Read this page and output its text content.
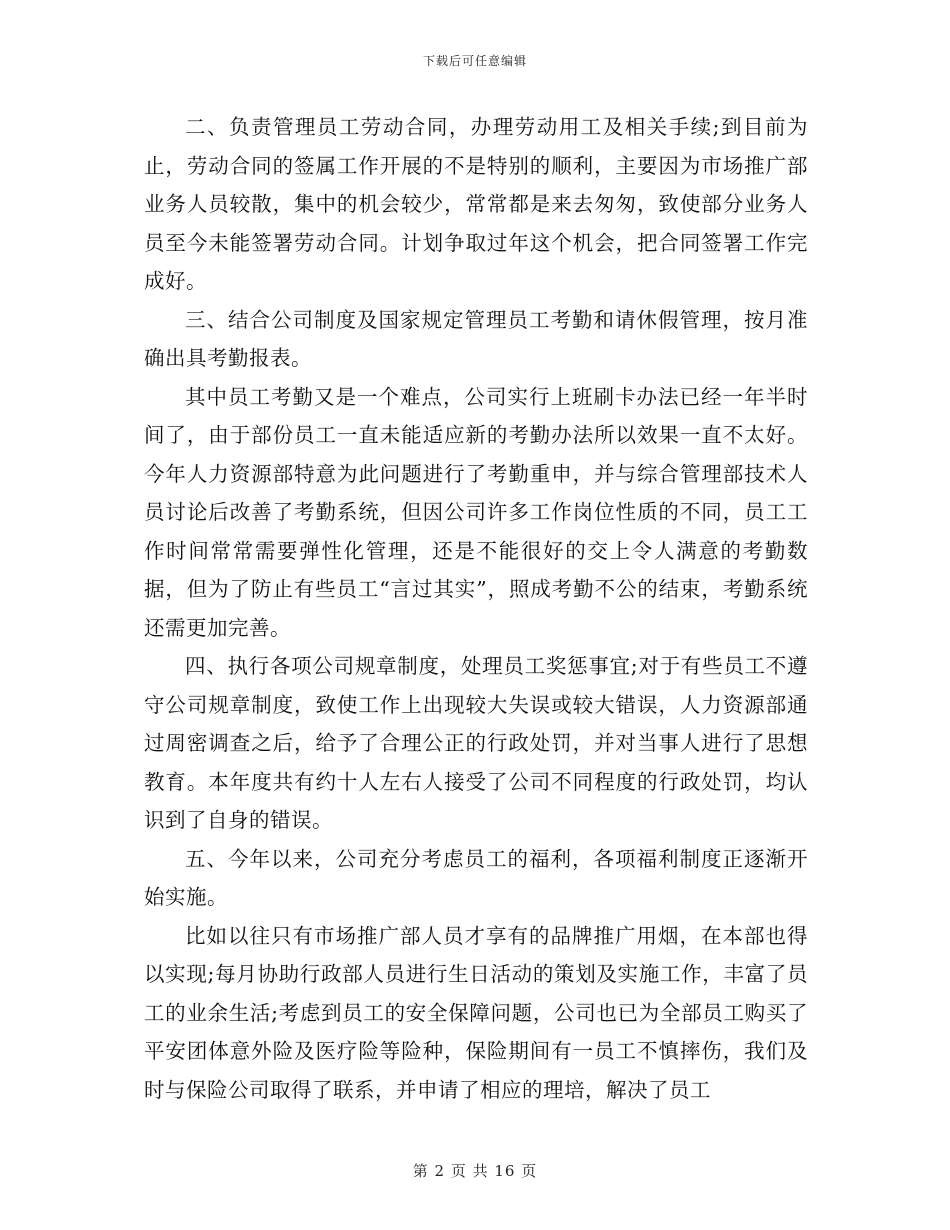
下载后可任意编辑

二、负责管理员工劳动合同，办理劳动用工及相关手续;到目前为止，劳动合同的签属工作开展的不是特别的顺利，主要因为市场推广部业务人员较散，集中的机会较少，常常都是来去匆匆，致使部分业务人员至今未能签署劳动合同。计划争取过年这个机会，把合同签署工作完成好。

三、结合公司制度及国家规定管理员工考勤和请休假管理，按月准确出具考勤报表。

其中员工考勤又是一个难点，公司实行上班刷卡办法已经一年半时间了，由于部份员工一直未能适应新的考勤办法所以效果一直不太好。今年人力资源部特意为此问题进行了考勤重申，并与综合管理部技术人员讨论后改善了考勤系统，但因公司许多工作岗位性质的不同，员工工作时间常常需要弹性化管理，还是不能很好的交上令人满意的考勤数据，但为了防止有些员工“言过其实”，照成考勤不公的结束，考勤系统还需更加完善。

四、执行各项公司规章制度，处理员工奖惩事宜;对于有些员工不遵守公司规章制度，致使工作上出现较大失误或较大错误，人力资源部通过周密调查之后，给予了合理公正的行政处罚，并对当事人进行了思想教育。本年度共有约十人左右人接受了公司不同程度的行政处罚，均认识到了自身的错误。

五、今年以来，公司充分考虑员工的福利，各项福利制度正逐渐开始实施。

比如以往只有市场推广部人员才享有的品牌推广用烟，在本部也得以实现;每月协助行政部人员进行生日活动的策划及实施工作，丰富了员工的业余生活;考虑到员工的安全保障问题，公司也已为全部员工购买了平安团体意外险及医疗险等险种，保险期间有一员工不慎摔伤，我们及时与保险公司取得了联系，并申请了相应的理培，解决了员工

第 2 页 共 16 页
